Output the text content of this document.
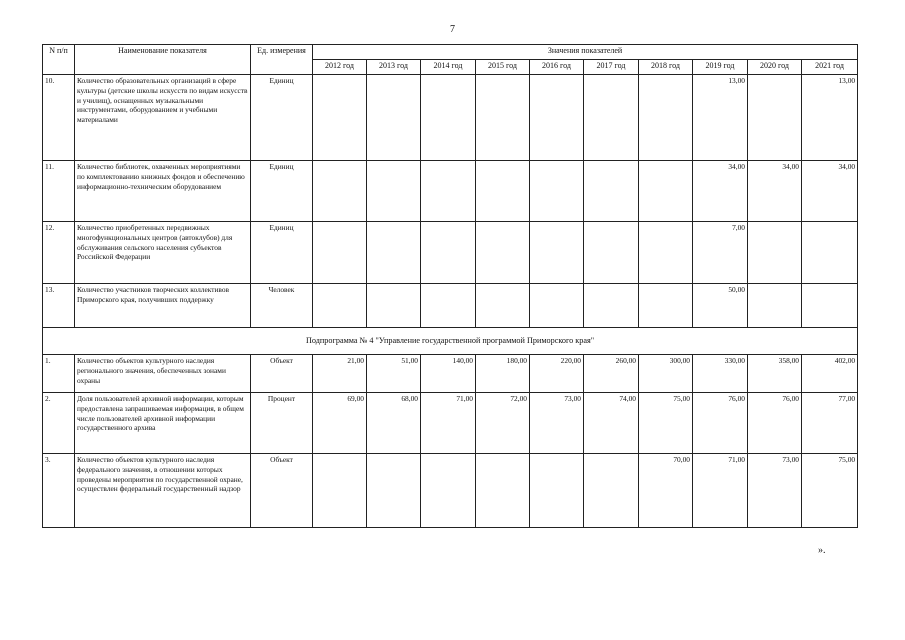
7
N п/п	Наименование показателя	Ед. измерения	Значения показателей									
			2012 год	2013 год	2014 год	2015 год	2016 год	2017 год	2018 год	2019 год	2020 год	2021 год
10.	Количество образовательных организаций в сфере культуры (детские школы искусств по видам искусств и училищ), оснащенных музыкальными инструментами, оборудованием и учебными материалами	Единиц								13,00		13,00
11.	Количество библиотек, охваченных мероприятиями по комплектованию книжных фондов и обеспечению информационно-техническим оборудованием	Единиц								34,00	34,00	34,00
12.	Количество приобретенных передвижных многофункциональных центров (автоклубов) для обслуживания сельского населения субъектов Российской Федерации	Единиц								7,00		
13.	Количество участников творческих коллективов Приморского края, получивших поддержку	Человек								50,00		
Подпрограмма № 4 "Управление государственной программой Приморского края"												
1.	Количество объектов культурного наследия регионального значения, обеспеченных зонами охраны	Объект	21,00	51,00	140,00	180,00	220,00	260,00	300,00	330,00	358,00	402,00
2.	Доля пользователей архивной информации, которым предоставлена запрашиваемая информация, в общем числе пользователей архивной информации государственного архива	Процент	69,00	68,00	71,00	72,00	73,00	74,00	75,00	76,00	76,00	77,00
3.	Количество объектов культурного наследия федерального значения, в отношении которых проведены мероприятия по государственной охране, осуществлен федеральный государственный надзор	Объект							70,00	71,00	73,00	75,00
».
